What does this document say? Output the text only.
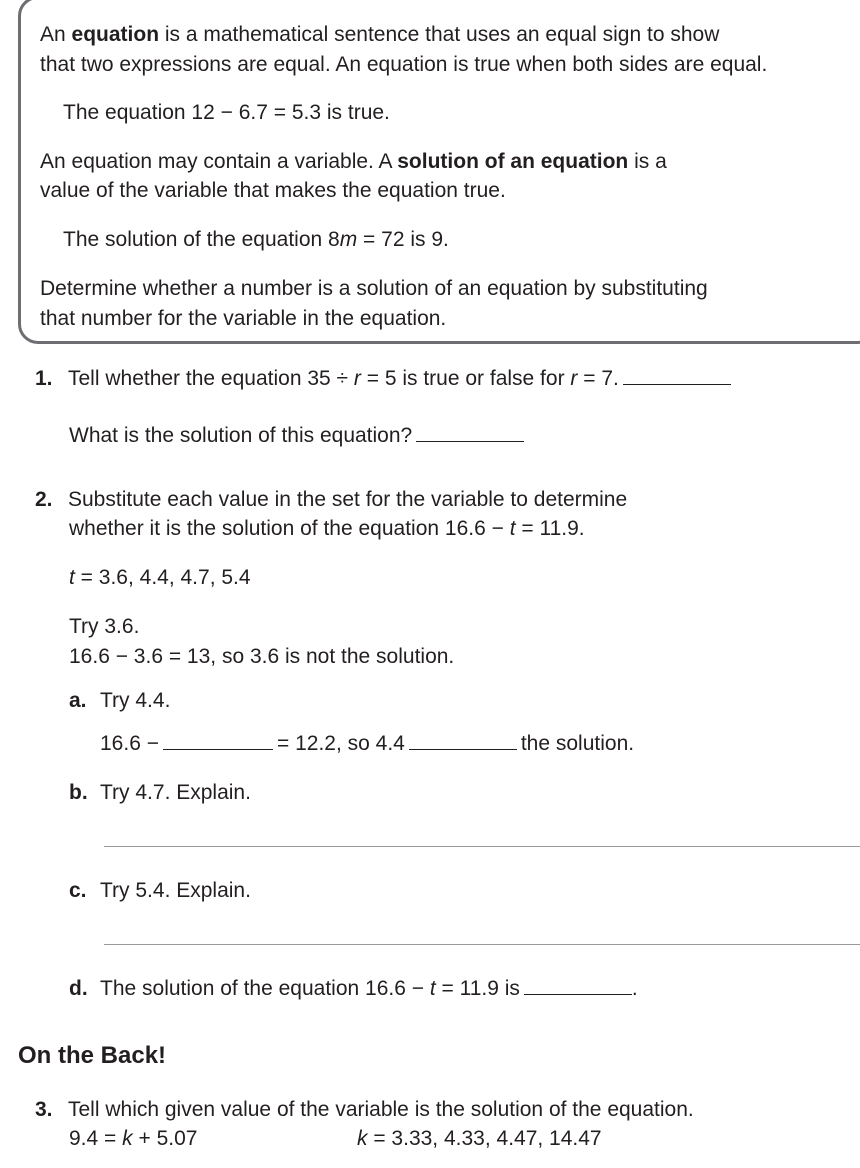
An equation is a mathematical sentence that uses an equal sign to show
that two expressions are equal. An equation is true when both sides are equal.
The equation 12 − 6.7 = 5.3 is true.
An equation may contain a variable. A solution of an equation is a
value of the variable that makes the equation true.
The solution of the equation 8m = 72 is 9.
Determine whether a number is a solution of an equation by substituting
that number for the variable in the equation.
1. Tell whether the equation 35 ÷ r = 5 is true or false for r = 7.
What is the solution of this equation?
2. Substitute each value in the set for the variable to determine
whether it is the solution of the equation 16.6 − t = 11.9.
t = 3.6, 4.4, 4.7, 5.4
Try 3.6.
16.6 − 3.6 = 13, so 3.6 is not the solution.
a. Try 4.4.
16.6 −	= 12.2, so 4.4	the solution.
b. Try 4.7. Explain.
c. Try 5.4. Explain.
d. The solution of the equation 16.6 − t = 11.9 is	.
On the Back!
3. Tell which given value of the variable is the solution of the equation.
9.4 = k + 5.07	k = 3.33, 4.33, 4.47, 14.47
